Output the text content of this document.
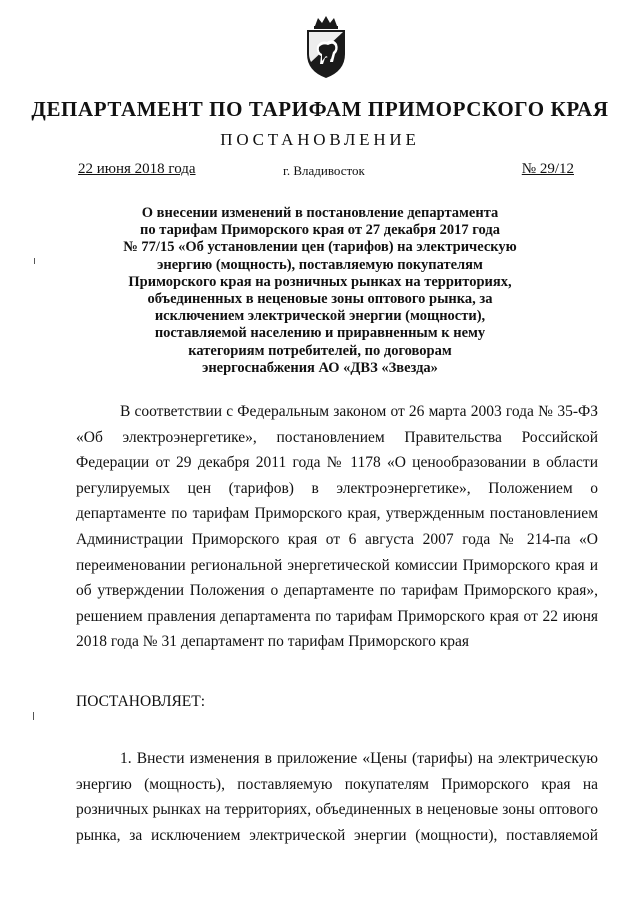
ДЕПАРТАМЕНТ ПО ТАРИФАМ ПРИМОРСКОГО КРАЯ
ПОСТАНОВЛЕНИЕ
22 июня 2018 года	г. Владивосток	№ 29/12
О внесении изменений в постановление департамента
по тарифам Приморского края от 27 декабря 2017 года
№ 77/15 «Об установлении цен (тарифов) на электрическую
энергию (мощность), поставляемую покупателям
Приморского края на розничных рынках на территориях,
объединенных в неценовые зоны оптового рынка, за
исключением электрической энергии (мощности),
поставляемой населению и приравненным к нему
категориям потребителей, по договорам
энергоснабжения АО «ДВЗ «Звезда»
В соответствии с Федеральным законом от 26 марта 2003 года № 35-ФЗ
«Об электроэнергетике», постановлением Правительства Российской
Федерации от 29 декабря 2011 года № 1178 «О ценообразовании в области
регулируемых цен (тарифов) в электроэнергетике», Положением о
департаменте по тарифам Приморского края, утвержденным постановлением
Администрации Приморского края от 6 августа 2007 года № 214-па «О
переименовании региональной энергетической комиссии Приморского края и
об утверждении Положения о департаменте по тарифам Приморского края»,
решением правления департамента по тарифам Приморского края от 22 июня
2018 года № 31 департамент по тарифам Приморского края
ПОСТАНОВЛЯЕТ:
1. Внести изменения в приложение «Цены (тарифы) на электрическую
энергию (мощность), поставляемую покупателям Приморского края на
розничных рынках на территориях, объединенных в неценовые зоны оптового
рынка, за исключением электрической энергии (мощности), поставляемой
